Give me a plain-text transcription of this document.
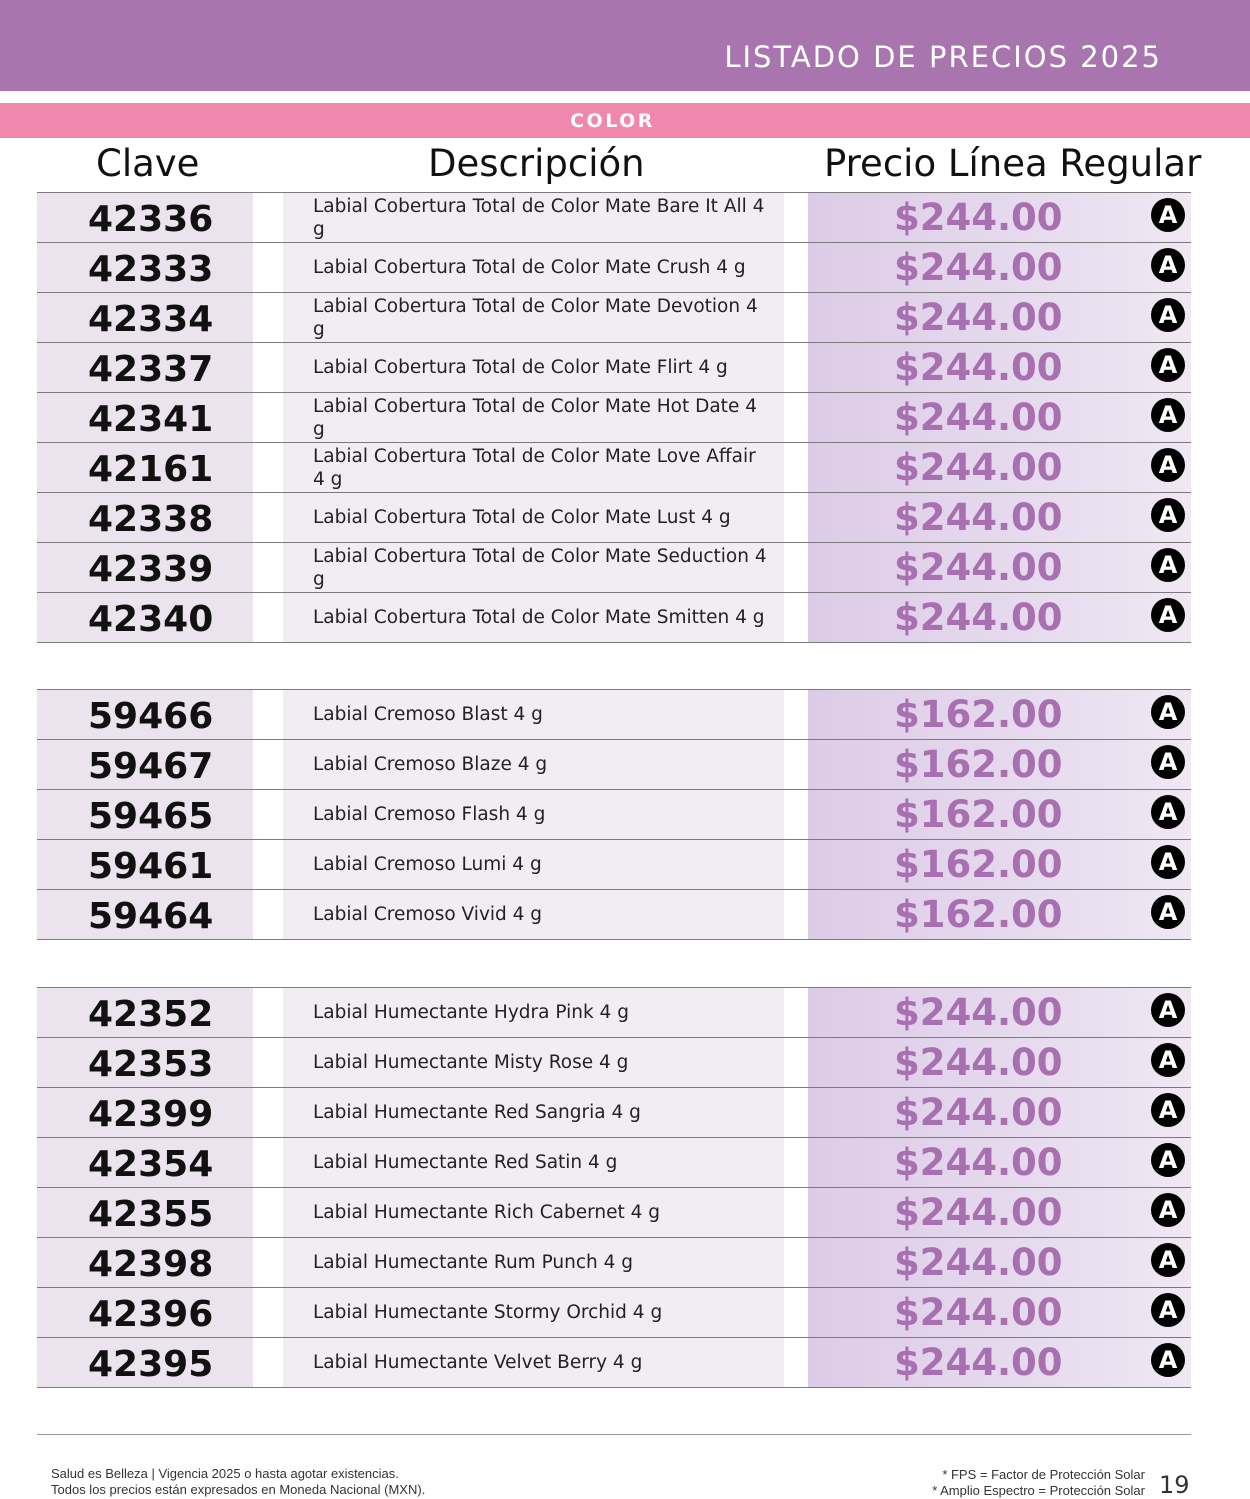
LISTADO DE PRECIOS 2025
COLOR
Clave	Descripción	Precio Línea Regular
42336	Labial Cobertura Total de Color Mate Bare It All 4 g	$244.00	A
42333	Labial Cobertura Total de Color Mate Crush 4 g	$244.00	A
42334	Labial Cobertura Total de Color Mate Devotion 4 g	$244.00	A
42337	Labial Cobertura Total de Color Mate Flirt 4 g	$244.00	A
42341	Labial Cobertura Total de Color Mate Hot Date 4 g	$244.00	A
42161	Labial Cobertura Total de Color Mate Love Affair 4 g	$244.00	A
42338	Labial Cobertura Total de Color Mate Lust 4 g	$244.00	A
42339	Labial Cobertura Total de Color Mate Seduction 4 g	$244.00	A
42340	Labial Cobertura Total de Color Mate Smitten 4 g	$244.00	A
59466	Labial Cremoso Blast 4 g	$162.00	A
59467	Labial Cremoso Blaze 4 g	$162.00	A
59465	Labial Cremoso Flash 4 g	$162.00	A
59461	Labial Cremoso Lumi 4 g	$162.00	A
59464	Labial Cremoso Vivid 4 g	$162.00	A
42352	Labial Humectante Hydra Pink 4 g	$244.00	A
42353	Labial Humectante Misty Rose 4 g	$244.00	A
42399	Labial Humectante Red Sangria 4 g	$244.00	A
42354	Labial Humectante Red Satin 4 g	$244.00	A
42355	Labial Humectante Rich Cabernet 4 g	$244.00	A
42398	Labial Humectante Rum Punch 4 g	$244.00	A
42396	Labial Humectante Stormy Orchid 4 g	$244.00	A
42395	Labial Humectante Velvet Berry 4 g	$244.00	A
Salud es Belleza | Vigencia 2025 o hasta agotar existencias.
Todos los precios están expresados en Moneda Nacional (MXN).
* FPS = Factor de Protección Solar
* Amplio Espectro = Protección Solar 19
